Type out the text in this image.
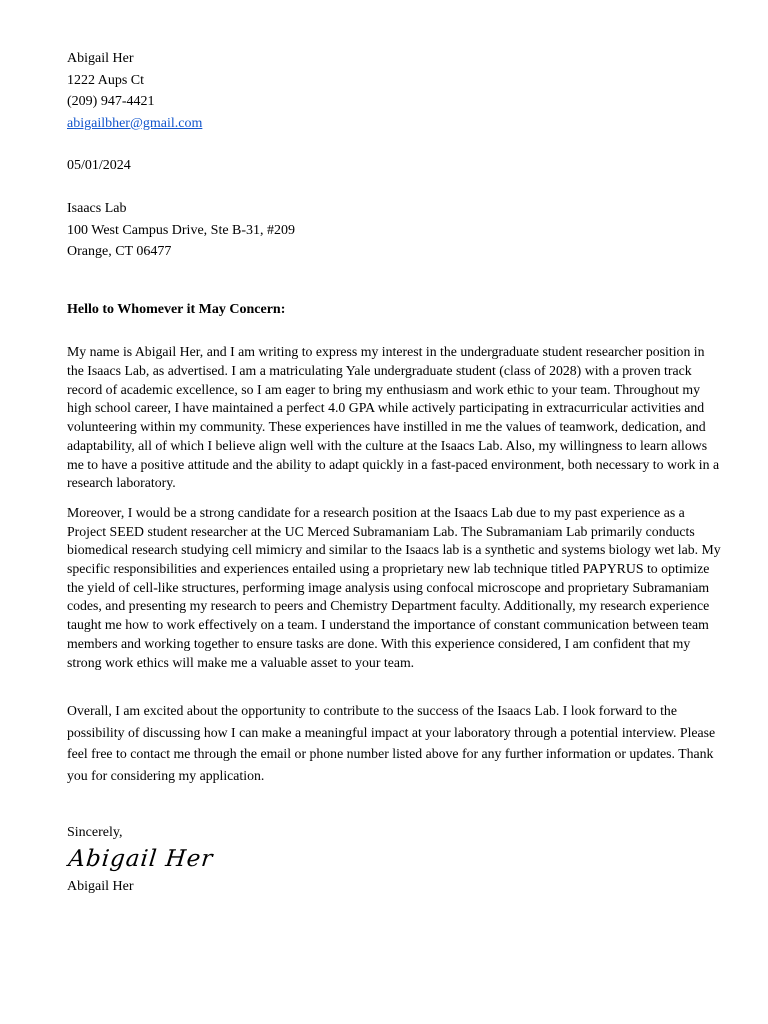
Abigail Her
1222 Aups Ct
(209) 947-4421
abigailbher@gmail.com
05/01/2024
Isaacs Lab
100 West Campus Drive, Ste B-31, #209
Orange, CT 06477
Hello to Whomever it May Concern:

My name is Abigail Her, and I am writing to express my interest in the undergraduate student researcher position in the Isaacs Lab, as advertised. I am a matriculating Yale undergraduate student (class of 2028) with a proven track record of academic excellence, so I am eager to bring my enthusiasm and work ethic to your team. Throughout my high school career, I have maintained a perfect 4.0 GPA while actively participating in extracurricular activities and volunteering within my community. These experiences have instilled in me the values of teamwork, dedication, and adaptability, all of which I believe align well with the culture at the Isaacs Lab. Also, my willingness to learn allows me to have a positive attitude and the ability to adapt quickly in a fast-paced environment, both necessary to work in a research laboratory.

Moreover, I would be a strong candidate for a research position at the Isaacs Lab due to my past experience as a Project SEED student researcher at the UC Merced Subramaniam Lab. The Subramaniam Lab primarily conducts biomedical research studying cell mimicry and similar to the Isaacs lab is a synthetic and systems biology wet lab. My specific responsibilities and experiences entailed using a proprietary new lab technique titled PAPYRUS to optimize the yield of cell-like structures, performing image analysis using confocal microscope and proprietary Subramaniam codes, and presenting my research to peers and Chemistry Department faculty. Additionally, my research experience taught me how to work effectively on a team. I understand the importance of constant communication between team members and working together to ensure tasks are done. With this experience considered, I am confident that my strong work ethics will make me a valuable asset to your team.

Overall, I am excited about the opportunity to contribute to the success of the Isaacs Lab. I look forward to the possibility of discussing how I can make a meaningful impact at your laboratory through a potential interview. Please feel free to contact me through the email or phone number listed above for any further information or updates. Thank you for considering my application.

Sincerely,
Abigail Her
Abigail Her
